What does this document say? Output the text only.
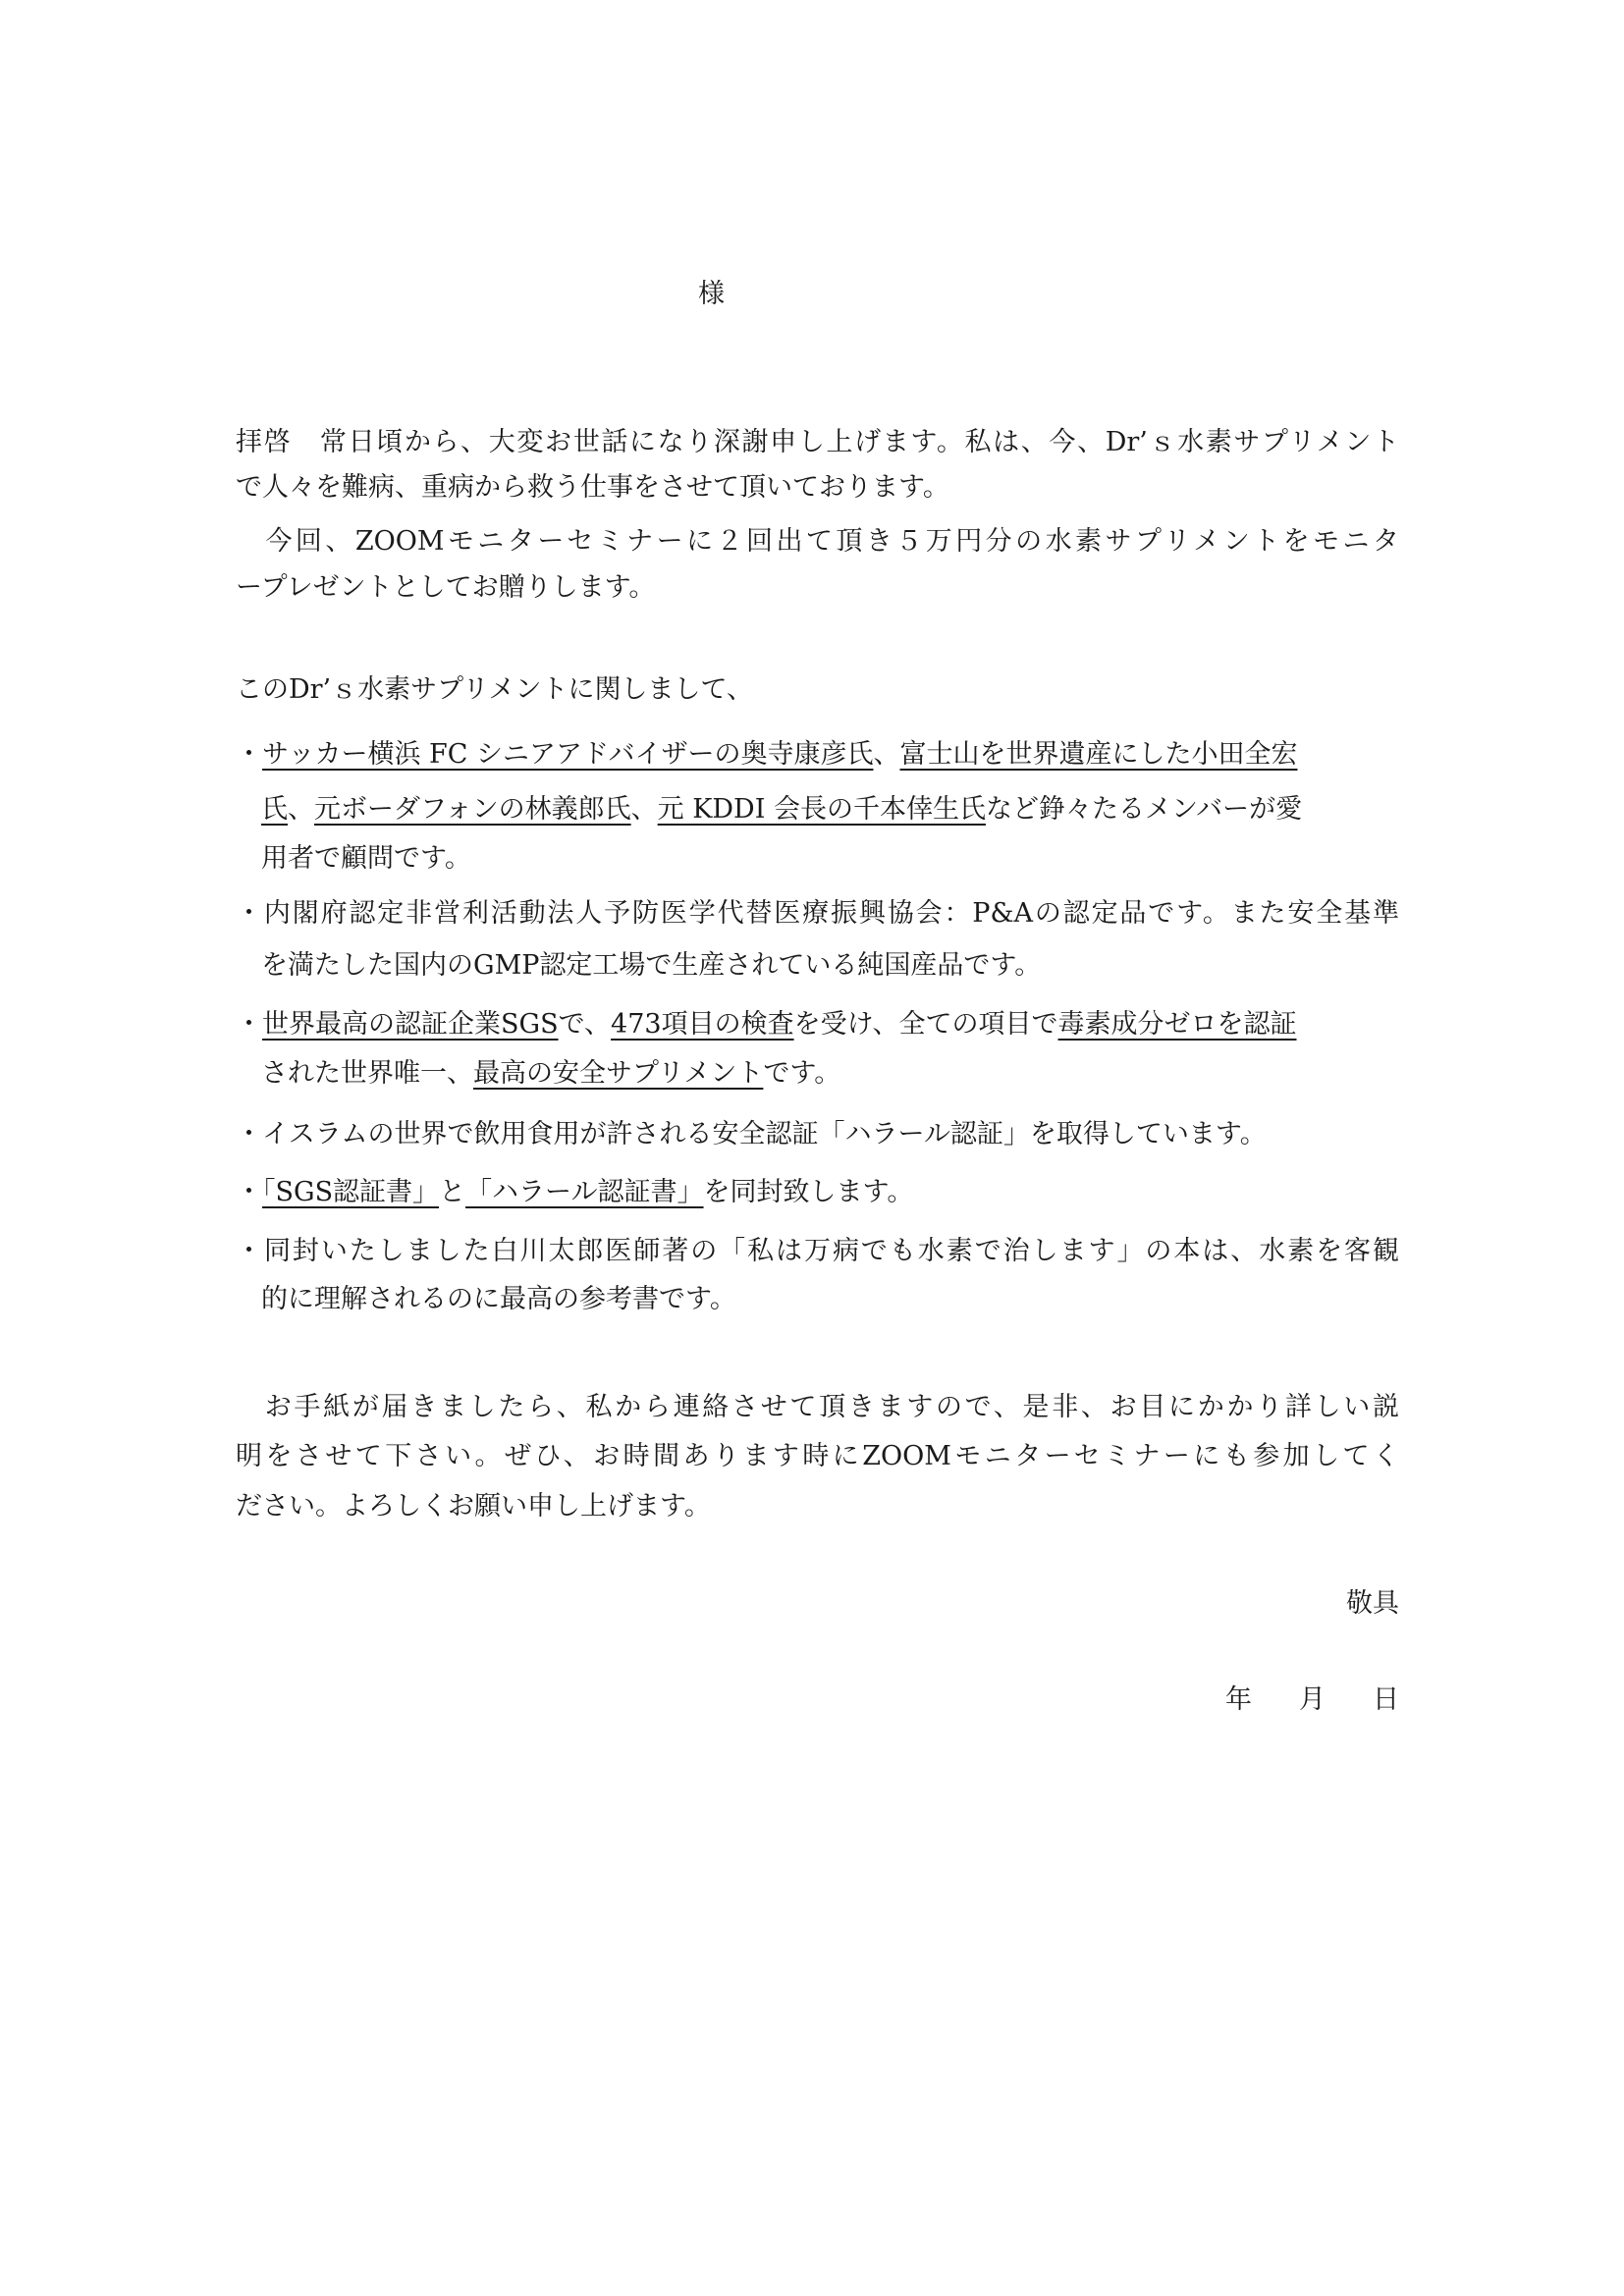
様
拝啓　常日頃から、大変お世話になり深謝申し上げます。私は、今、Dr’ｓ水素サプリメント
で人々を難病、重病から救う仕事をさせて頂いております。
　今回、ZOOMモニターセミナーに２回出て頂き５万円分の水素サプリメントをモニタ
ープレゼントとしてお贈りします。
このDr’ｓ水素サプリメントに関しまして、
・サッカー横浜 FC シニアアドバイザーの奥寺康彦氏、富士山を世界遺産にした小田全宏
氏、元ボーダフォンの林義郎氏、元 KDDI 会長の千本倖生氏など錚々たるメンバーが愛
用者で顧問です。
・内閣府認定非営利活動法人予防医学代替医療振興協会：P&Aの認定品です。また安全基準
を満たした国内のGMP認定工場で生産されている純国産品です。
・世界最高の認証企業SGSで、473項目の検査を受け、全ての項目で毒素成分ゼロを認証
された世界唯一、最高の安全サプリメントです。
・イスラムの世界で飲用食用が許される安全認証「ハラール認証」を取得しています。
・「SGS認証書」と「ハラール認証書」を同封致します。
・同封いたしました白川太郎医師著の「私は万病でも水素で治します」の本は、水素を客観
的に理解されるのに最高の参考書です。
　お手紙が届きましたら、私から連絡させて頂きますので、是非、お目にかかり詳しい説
明をさせて下さい。ぜひ、お時間あります時にZOOMモニターセミナーにも参加してく
ださい。よろしくお願い申し上げます。
敬具
年 月 日
